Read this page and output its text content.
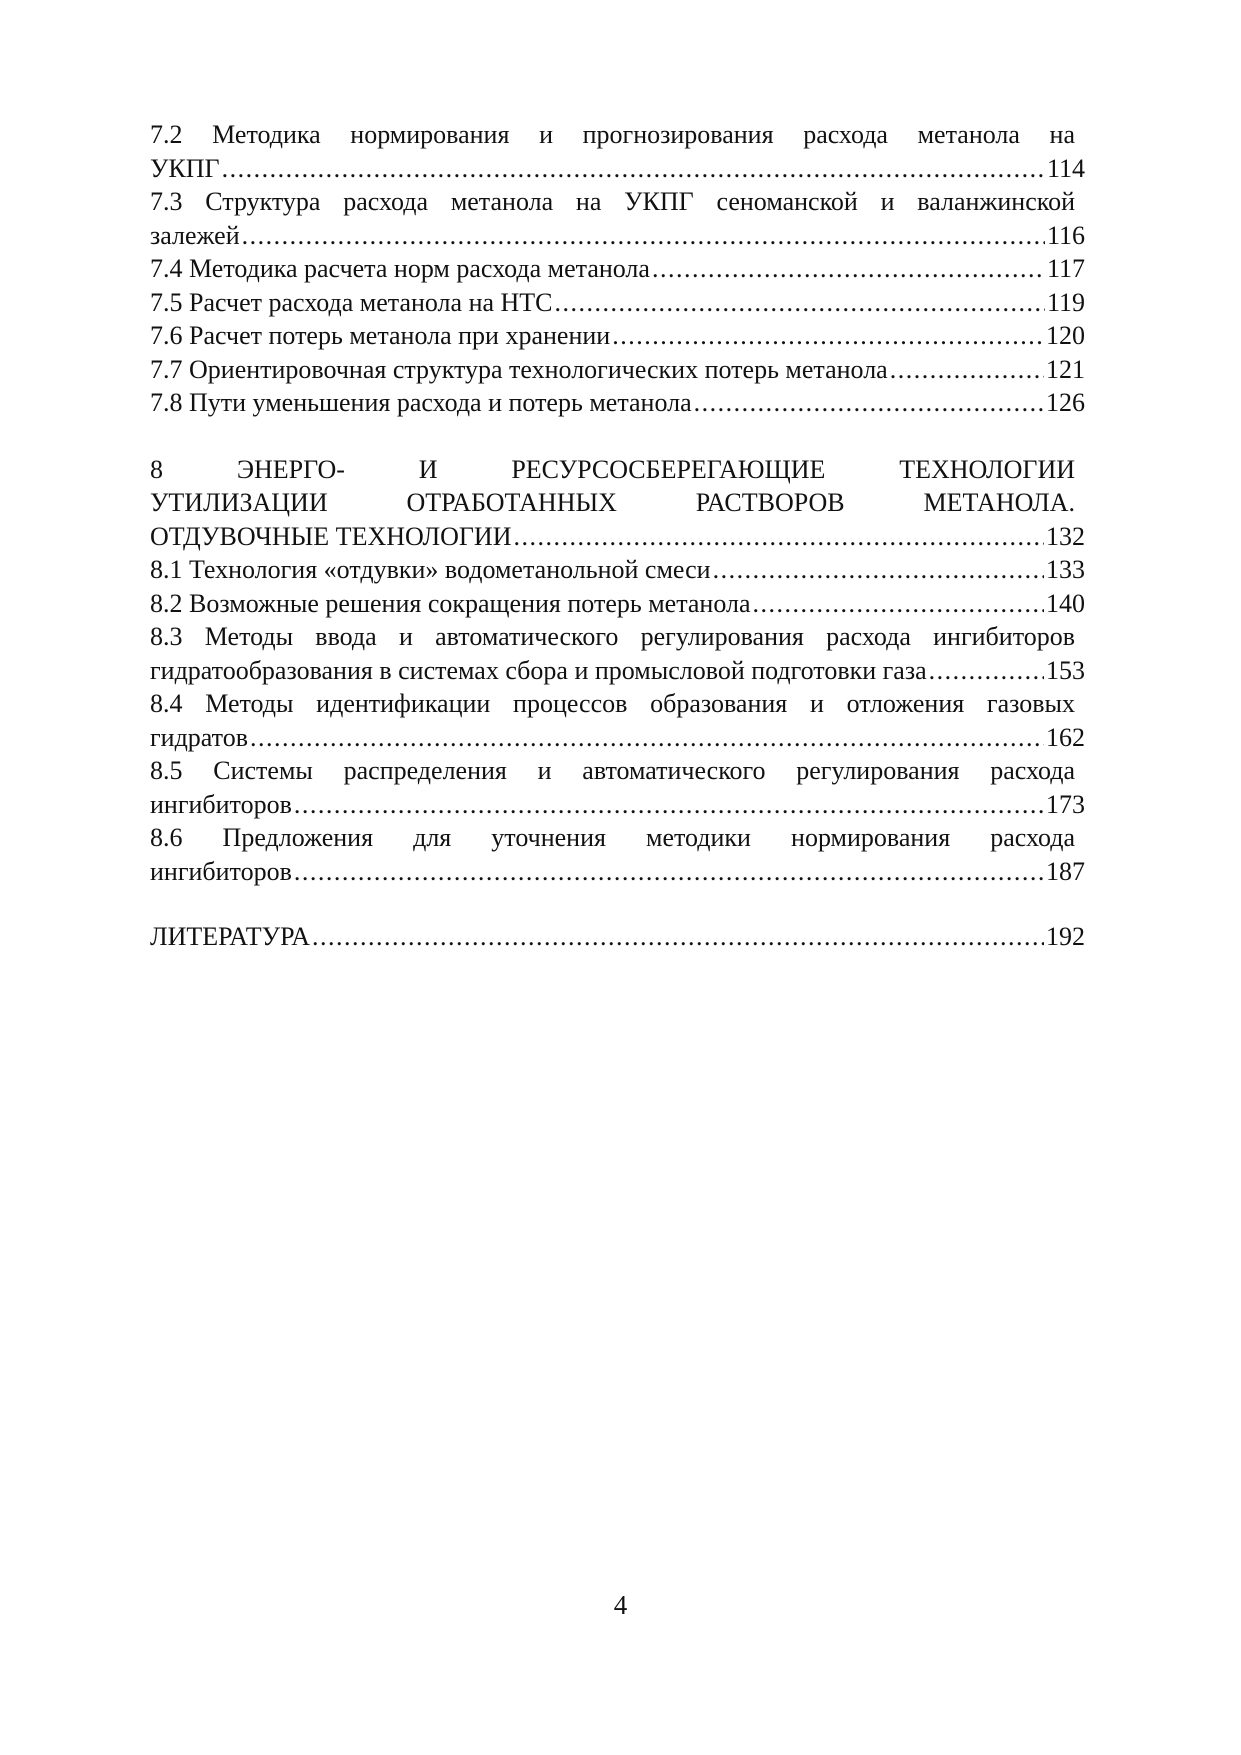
7.2 Методика нормирования и прогнозирования расхода метанола на
УКПГ .....	114
7.3 Структура расхода метанола на УКПГ сеноманской и валанжинской
залежей .....	116
7.4 Методика расчета норм расхода метанола .....	117
7.5 Расчет расхода метанола на НТС .....	119
7.6 Расчет потерь метанола при хранении .....	120
7.7 Ориентировочная структура технологических потерь метанола .....	121
7.8 Пути уменьшения расхода и потерь метанола .....	126
8 ЭНЕРГО- И РЕСУРСОСБЕРЕГАЮЩИЕ ТЕХНОЛОГИИ
УТИЛИЗАЦИИ ОТРАБОТАННЫХ РАСТВОРОВ МЕТАНОЛА.
ОТДУВОЧНЫЕ ТЕХНОЛОГИИ .....	132
8.1 Технология «отдувки» водометанольной смеси .....	133
8.2 Возможные решения сокращения потерь метанола .....	140
8.3 Методы ввода и автоматического регулирования расхода ингибиторов
гидратообразования в системах сбора и промысловой подготовки газа .....	153
8.4 Методы идентификации процессов образования и отложения газовых
гидратов .....	162
8.5 Системы распределения и автоматического регулирования расхода
ингибиторов .....	173
8.6 Предложения для уточнения методики нормирования расхода
ингибиторов .....	187
ЛИТЕРАТУРА .....	192
4
